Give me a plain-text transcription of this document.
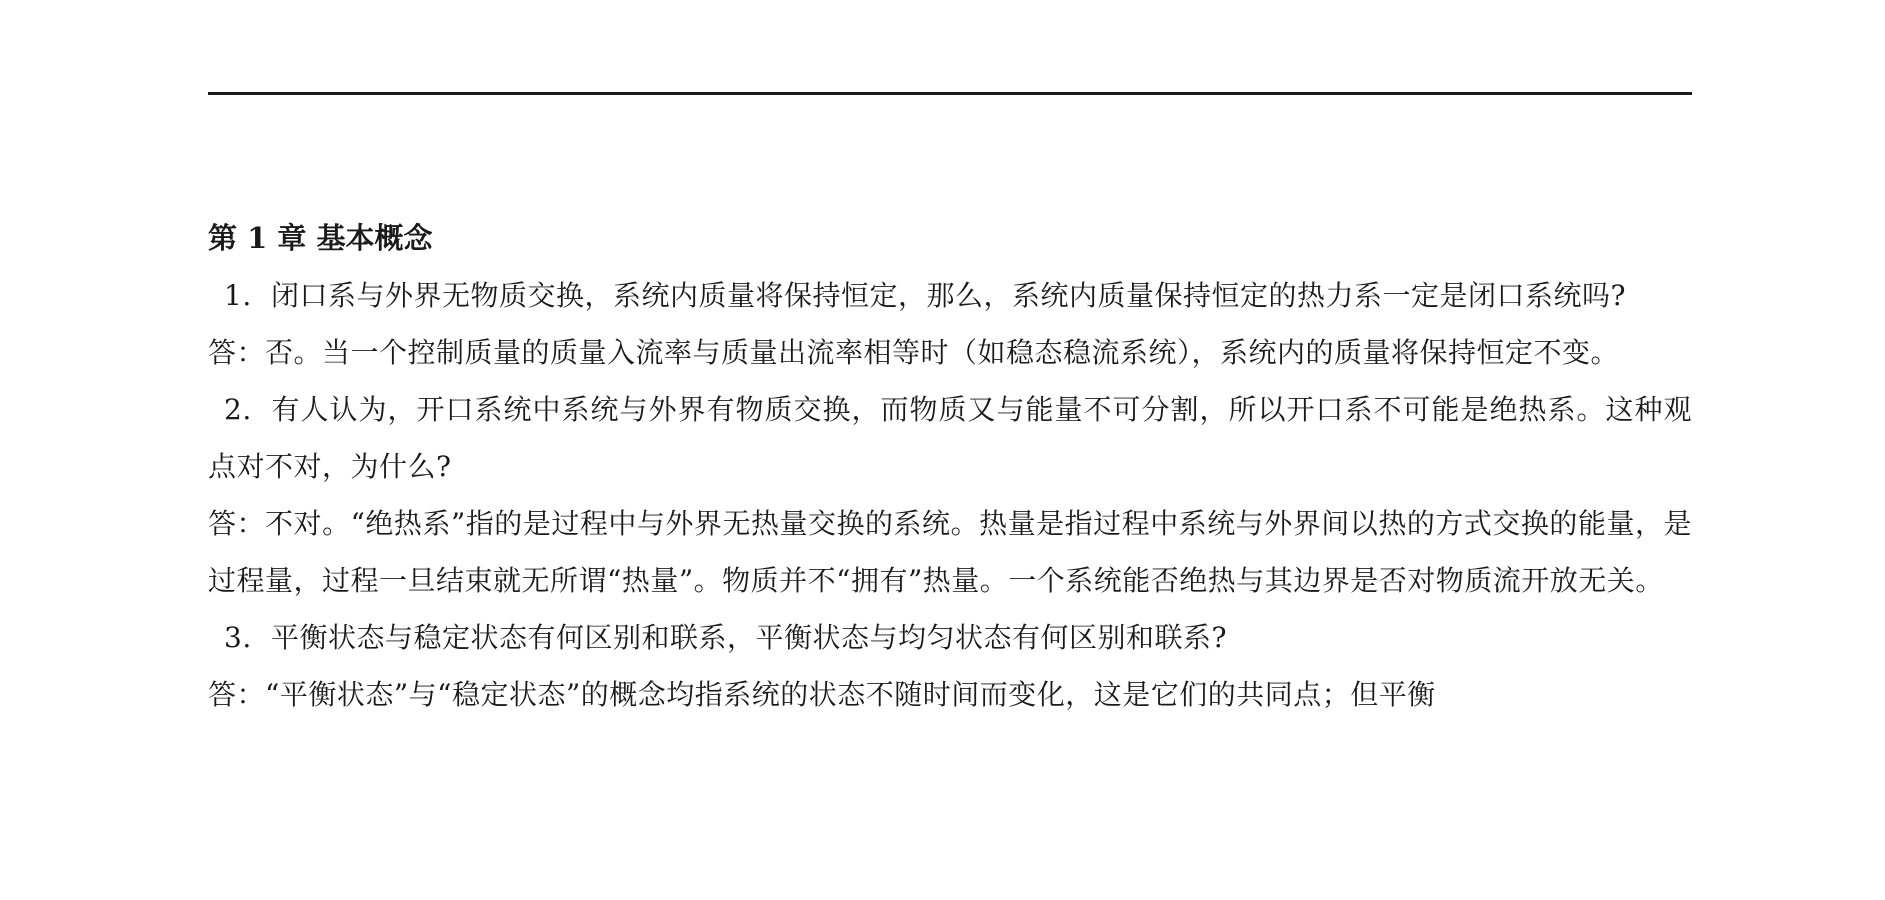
第 1 章 基本概念

1. 闭口系与外界无物质交换，系统内质量将保持恒定，那么，系统内质量保持恒定的热力系一定是闭口系统吗?

答：否。当一个控制质量的质量入流率与质量出流率相等时（如稳态稳流系统），系统内的质量将保持恒定不变。

2. 有人认为，开口系统中系统与外界有物质交换，而物质又与能量不可分割，所以开口系不可能是绝热系。这种观点对不对，为什么?

答：不对。“绝热系”指的是过程中与外界无热量交换的系统。热量是指过程中系统与外界间以热的方式交换的能量，是过程量，过程一旦结束就无所谓“热量”。物质并不“拥有”热量。一个系统能否绝热与其边界是否对物质流开放无关。

3. 平衡状态与稳定状态有何区别和联系，平衡状态与均匀状态有何区别和联系?

答：“平衡状态”与“稳定状态”的概念均指系统的状态不随时间而变化，这是它们的共同点；但平衡
